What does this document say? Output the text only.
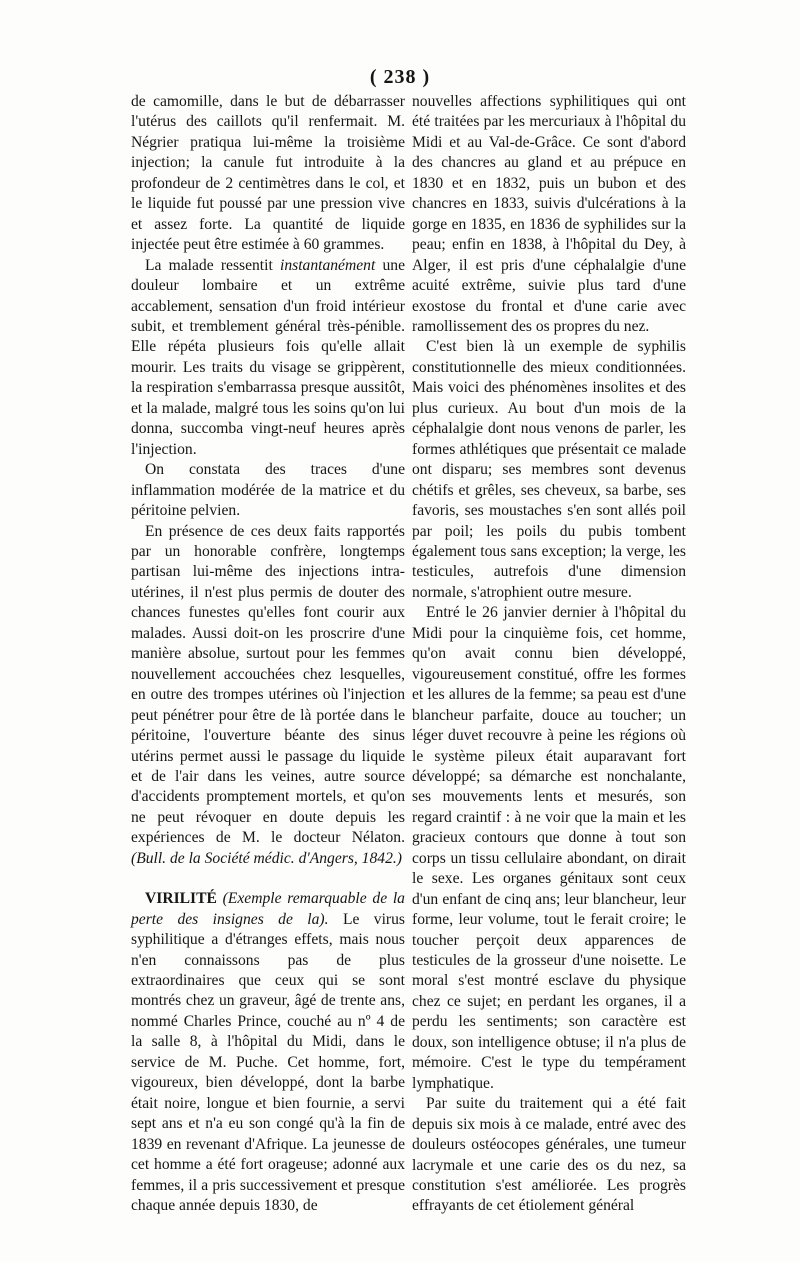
( 238 )

de camomille, dans le but de débarrasser l'utérus des caillots qu'il renfermait. M. Négrier pratiqua lui-même la troisième injection; la canule fut introduite à la profondeur de 2 centimètres dans le col, et le liquide fut poussé par une pression vive et assez forte. La quantité de liquide injectée peut être estimée à 60 grammes.

La malade ressentit instantanément une douleur lombaire et un extrême accablement, sensation d'un froid intérieur subit, et tremblement général très-pénible. Elle répéta plusieurs fois qu'elle allait mourir. Les traits du visage se grippèrent, la respiration s'embarrassa presque aussitôt, et la malade, malgré tous les soins qu'on lui donna, succomba vingt-neuf heures après l'injection.

On constata des traces d'une inflammation modérée de la matrice et du péritoine pelvien.

En présence de ces deux faits rapportés par un honorable confrère, longtemps partisan lui-même des injections intra-utérines, il n'est plus permis de douter des chances funestes qu'elles font courir aux malades. Aussi doit-on les proscrire d'une manière absolue, surtout pour les femmes nouvellement accouchées chez lesquelles, en outre des trompes utérines où l'injection peut pénétrer pour être de là portée dans le péritoine, l'ouverture béante des sinus utérins permet aussi le passage du liquide et de l'air dans les veines, autre source d'accidents promptement mortels, et qu'on ne peut révoquer en doute depuis les expériences de M. le docteur Nélaton. (Bull. de la Société médic. d'Angers, 1842.)

VIRILITÉ (Exemple remarquable de la perte des insignes de la). Le virus syphilitique a d'étranges effets, mais nous n'en connaissons pas de plus extraordinaires que ceux qui se sont montrés chez un graveur, âgé de trente ans, nommé Charles Prince, couché au nº 4 de la salle 8, à l'hôpital du Midi, dans le service de M. Puche. Cet homme, fort, vigoureux, bien développé, dont la barbe était noire, longue et bien fournie, a servi sept ans et n'a eu son congé qu'à la fin de 1839 en revenant d'Afrique. La jeunesse de cet homme a été fort orageuse; adonné aux femmes, il a pris successivement et presque chaque année depuis 1830, de

nouvelles affections syphilitiques qui ont été traitées par les mercuriaux à l'hôpital du Midi et au Val-de-Grâce. Ce sont d'abord des chancres au gland et au prépuce en 1830 et en 1832, puis un bubon et des chancres en 1833, suivis d'ulcérations à la gorge en 1835, en 1836 de syphilides sur la peau; enfin en 1838, à l'hôpital du Dey, à Alger, il est pris d'une céphalalgie d'une acuité extrême, suivie plus tard d'une exostose du frontal et d'une carie avec ramollissement des os propres du nez.

C'est bien là un exemple de syphilis constitutionnelle des mieux conditionnées. Mais voici des phénomènes insolites et des plus curieux. Au bout d'un mois de la céphalalgie dont nous venons de parler, les formes athlétiques que présentait ce malade ont disparu; ses membres sont devenus chétifs et grêles, ses cheveux, sa barbe, ses favoris, ses moustaches s'en sont allés poil par poil; les poils du pubis tombent également tous sans exception; la verge, les testicules, autrefois d'une dimension normale, s'atrophient outre mesure.

Entré le 26 janvier dernier à l'hôpital du Midi pour la cinquième fois, cet homme, qu'on avait connu bien développé, vigoureusement constitué, offre les formes et les allures de la femme; sa peau est d'une blancheur parfaite, douce au toucher; un léger duvet recouvre à peine les régions où le système pileux était auparavant fort développé; sa démarche est nonchalante, ses mouvements lents et mesurés, son regard craintif : à ne voir que la main et les gracieux contours que donne à tout son corps un tissu cellulaire abondant, on dirait le sexe. Les organes génitaux sont ceux d'un enfant de cinq ans; leur blancheur, leur forme, leur volume, tout le ferait croire; le toucher perçoit deux apparences de testicules de la grosseur d'une noisette. Le moral s'est montré esclave du physique chez ce sujet; en perdant les organes, il a perdu les sentiments; son caractère est doux, son intelligence obtuse; il n'a plus de mémoire. C'est le type du tempérament lymphatique.

Par suite du traitement qui a été fait depuis six mois à ce malade, entré avec des douleurs ostéocopes générales, une tumeur lacrymale et une carie des os du nez, sa constitution s'est améliorée. Les progrès effrayants de cet étiolement général
